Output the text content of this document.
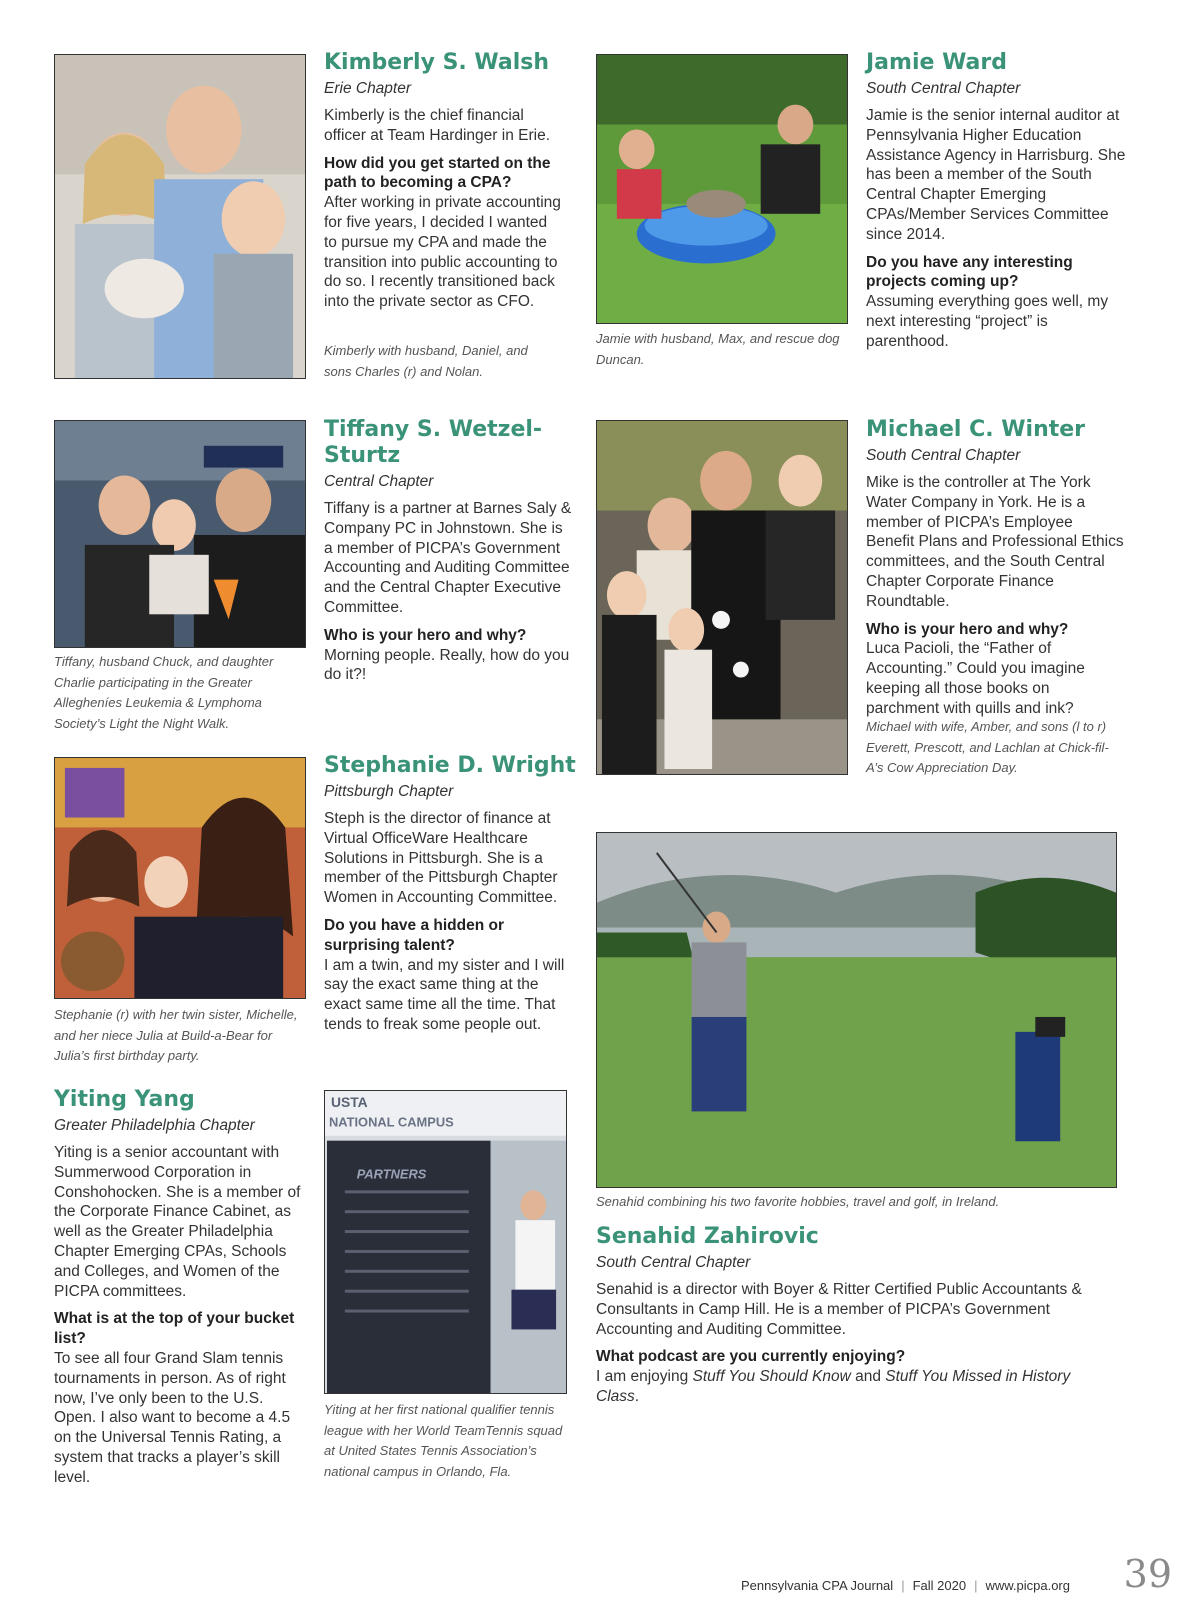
Kimberly with husband, Daniel, and sons Charles (r) and Nolan.

Kimberly S. Walsh

Erie Chapter

Kimberly is the chief financial officer at Team Hardinger in Erie.

How did you get started on the path to becoming a CPA?

After working in private accounting for five years, I decided I wanted to pursue my CPA and made the transition into public accounting to do so. I recently transitioned back into the private sector as CFO.

Jamie with husband, Max, and rescue dog Duncan.

Jamie Ward

South Central Chapter

Jamie is the senior internal auditor at Pennsylvania Higher Education Assistance Agency in Harrisburg. She has been a member of the South Central Chapter Emerging CPAs/Member Services Committee since 2014.

Do you have any interesting projects coming up?

Assuming everything goes well, my next interesting “project” is parenthood.

Tiffany, husband Chuck, and daughter Charlie participating in the Greater Allegheníes Leukemia & Lymphoma Society’s Light the Night Walk.

Tiffany S. Wetzel-Sturtz

Central Chapter

Tiffany is a partner at Barnes Saly & Company PC in Johnstown. She is a member of PICPA’s Government Accounting and Auditing Committee and the Central Chapter Executive Committee.

Who is your hero and why?

Morning people. Really, how do you do it?!

Michael with wife, Amber, and sons (l to r) Everett, Prescott, and Lachlan at Chick-fil-A’s Cow Appreciation Day.

Michael C. Winter

South Central Chapter

Mike is the controller at The York Water Company in York. He is a member of PICPA’s Employee Benefit Plans and Professional Ethics committees, and the South Central Chapter Corporate Finance Roundtable.

Who is your hero and why?

Luca Pacioli, the “Father of Accounting.” Could you imagine keeping all those books on parchment with quills and ink?

Stephanie (r) with her twin sister, Michelle, and her niece Julia at Build-a-Bear for Julia’s first birthday party.

Stephanie D. Wright

Pittsburgh Chapter

Steph is the director of finance at Virtual OfficeWare Healthcare Solutions in Pittsburgh. She is a member of the Pittsburgh Chapter Women in Accounting Committee.

Do you have a hidden or surprising talent?

I am a twin, and my sister and I will say the exact same thing at the exact same time all the time. That tends to freak some people out.

Senahid combining his two favorite hobbies, travel and golf, in Ireland.

Senahid Zahirovic

South Central Chapter

Senahid is a director with Boyer & Ritter Certified Public Accountants & Consultants in Camp Hill. He is a member of PICPA’s Government Accounting and Auditing Committee.

What podcast are you currently enjoying?

I am enjoying Stuff You Should Know and Stuff You Missed in History Class.

Yiting Yang

Greater Philadelphia Chapter

Yiting is a senior accountant with Summerwood Corporation in Conshohocken. She is a member of the Corporate Finance Cabinet, as well as the Greater Philadelphia Chapter Emerging CPAs, Schools and Colleges, and Women of the PICPA committees.

What is at the top of your bucket list?

To see all four Grand Slam tennis tournaments in person. As of right now, I’ve only been to the U.S. Open. I also want to become a 4.5 on the Universal Tennis Rating, a system that tracks a player’s skill level.

USTA
NATIONAL CAMPUS
PARTNERS

Yiting at her first national qualifier tennis league with her World TeamTennis squad at United States Tennis Association’s national campus in Orlando, Fla.

Pennsylvania CPA Journal | Fall 2020 | www.picpa.org 39
